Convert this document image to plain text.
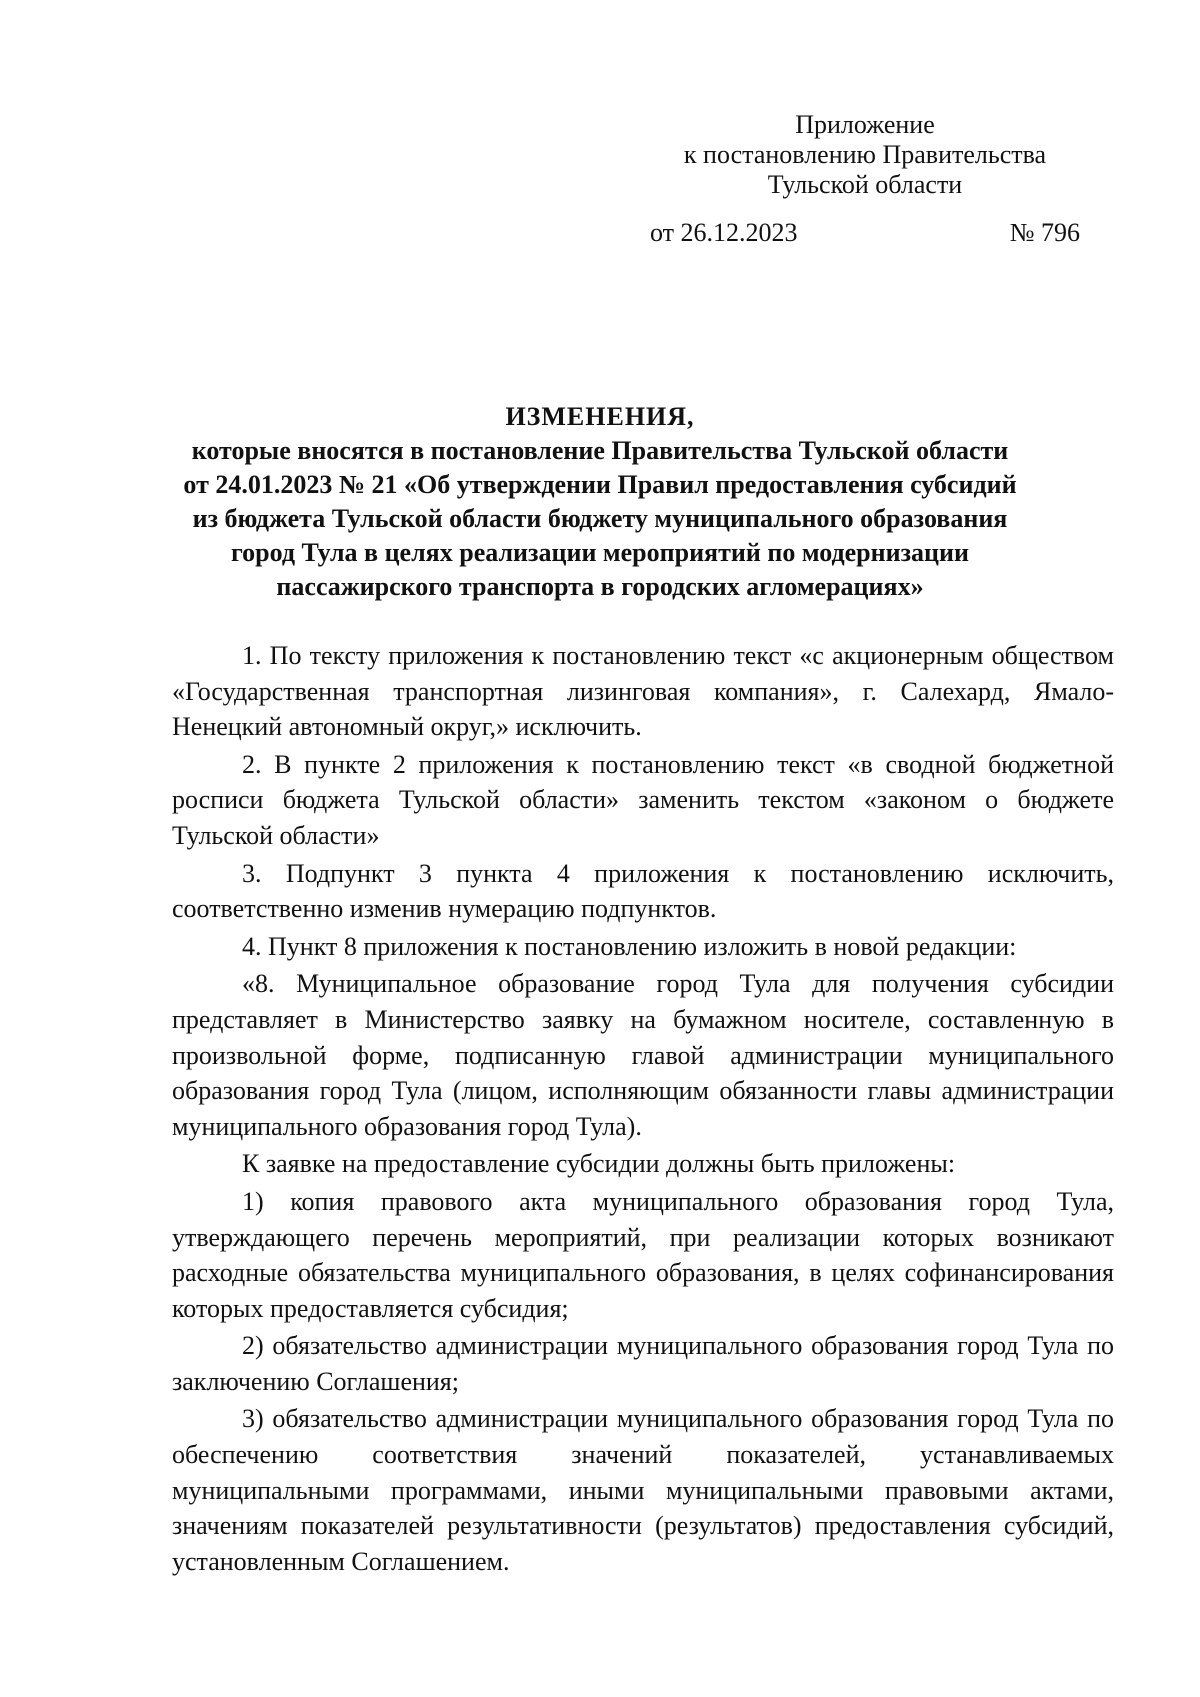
Приложение
к постановлению Правительства
Тульской области
от 26.12.2023	№ 796
ИЗМЕНЕНИЯ,
которые вносятся в постановление Правительства Тульской области
от 24.01.2023 № 21 «Об утверждении Правил предоставления субсидий
из бюджета Тульской области бюджету муниципального образования
город Тула в целях реализации мероприятий по модернизации
пассажирского транспорта в городских агломерациях»

1. По тексту приложения к постановлению текст «с акционерным обществом «Государственная транспортная лизинговая компания», г. Салехард, Ямало-Ненецкий автономный округ,» исключить.

2. В пункте 2 приложения к постановлению текст «в сводной бюджетной росписи бюджета Тульской области» заменить текстом «законом о бюджете Тульской области»

3. Подпункт 3 пункта 4 приложения к постановлению исключить, соответственно изменив нумерацию подпунктов.

4. Пункт 8 приложения к постановлению изложить в новой редакции:

«8. Муниципальное образование город Тула для получения субсидии представляет в Министерство заявку на бумажном носителе, составленную в произвольной форме, подписанную главой администрации муниципального образования город Тула (лицом, исполняющим обязанности главы администрации муниципального образования город Тула).

К заявке на предоставление субсидии должны быть приложены:

1) копия правового акта муниципального образования город Тула, утверждающего перечень мероприятий, при реализации которых возникают расходные обязательства муниципального образования, в целях софинансирования которых предоставляется субсидия;

2) обязательство администрации муниципального образования город Тула по заключению Соглашения;

3) обязательство администрации муниципального образования город Тула по обеспечению соответствия значений показателей, устанавливаемых муниципальными программами, иными муниципальными правовыми актами, значениям показателей результативности (результатов) предоставления субсидий, установленным Соглашением.
